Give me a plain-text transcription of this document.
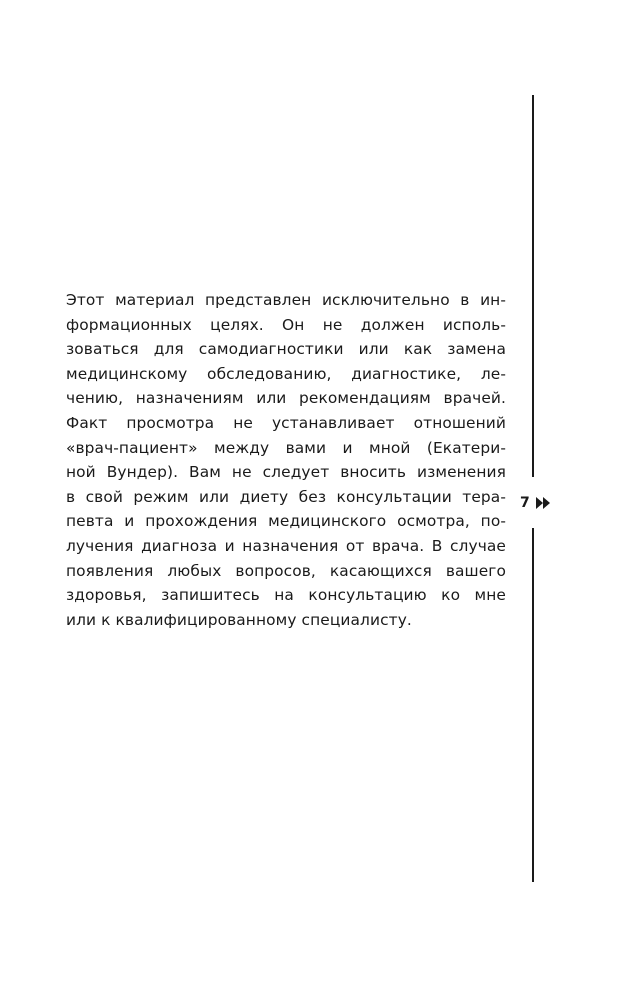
Этот материал представлен исключительно в ин-
формационных целях. Он не должен исполь-
зоваться для самодиагностики или как замена
медицинскому обследованию, диагностике, ле-
чению, назначениям или рекомендациям врачей.
Факт просмотра не устанавливает отношений
«врач-пациент» между вами и мной (Екатери-
ной Вундер). Вам не следует вносить изменения
в свой режим или диету без консультации тера-
певта и прохождения медицинского осмотра, по-
лучения диагноза и назначения от врача. В случае
появления любых вопросов, касающихся вашего
здоровья, запишитесь на консультацию ко мне
или к квалифицированному специалисту.
7
